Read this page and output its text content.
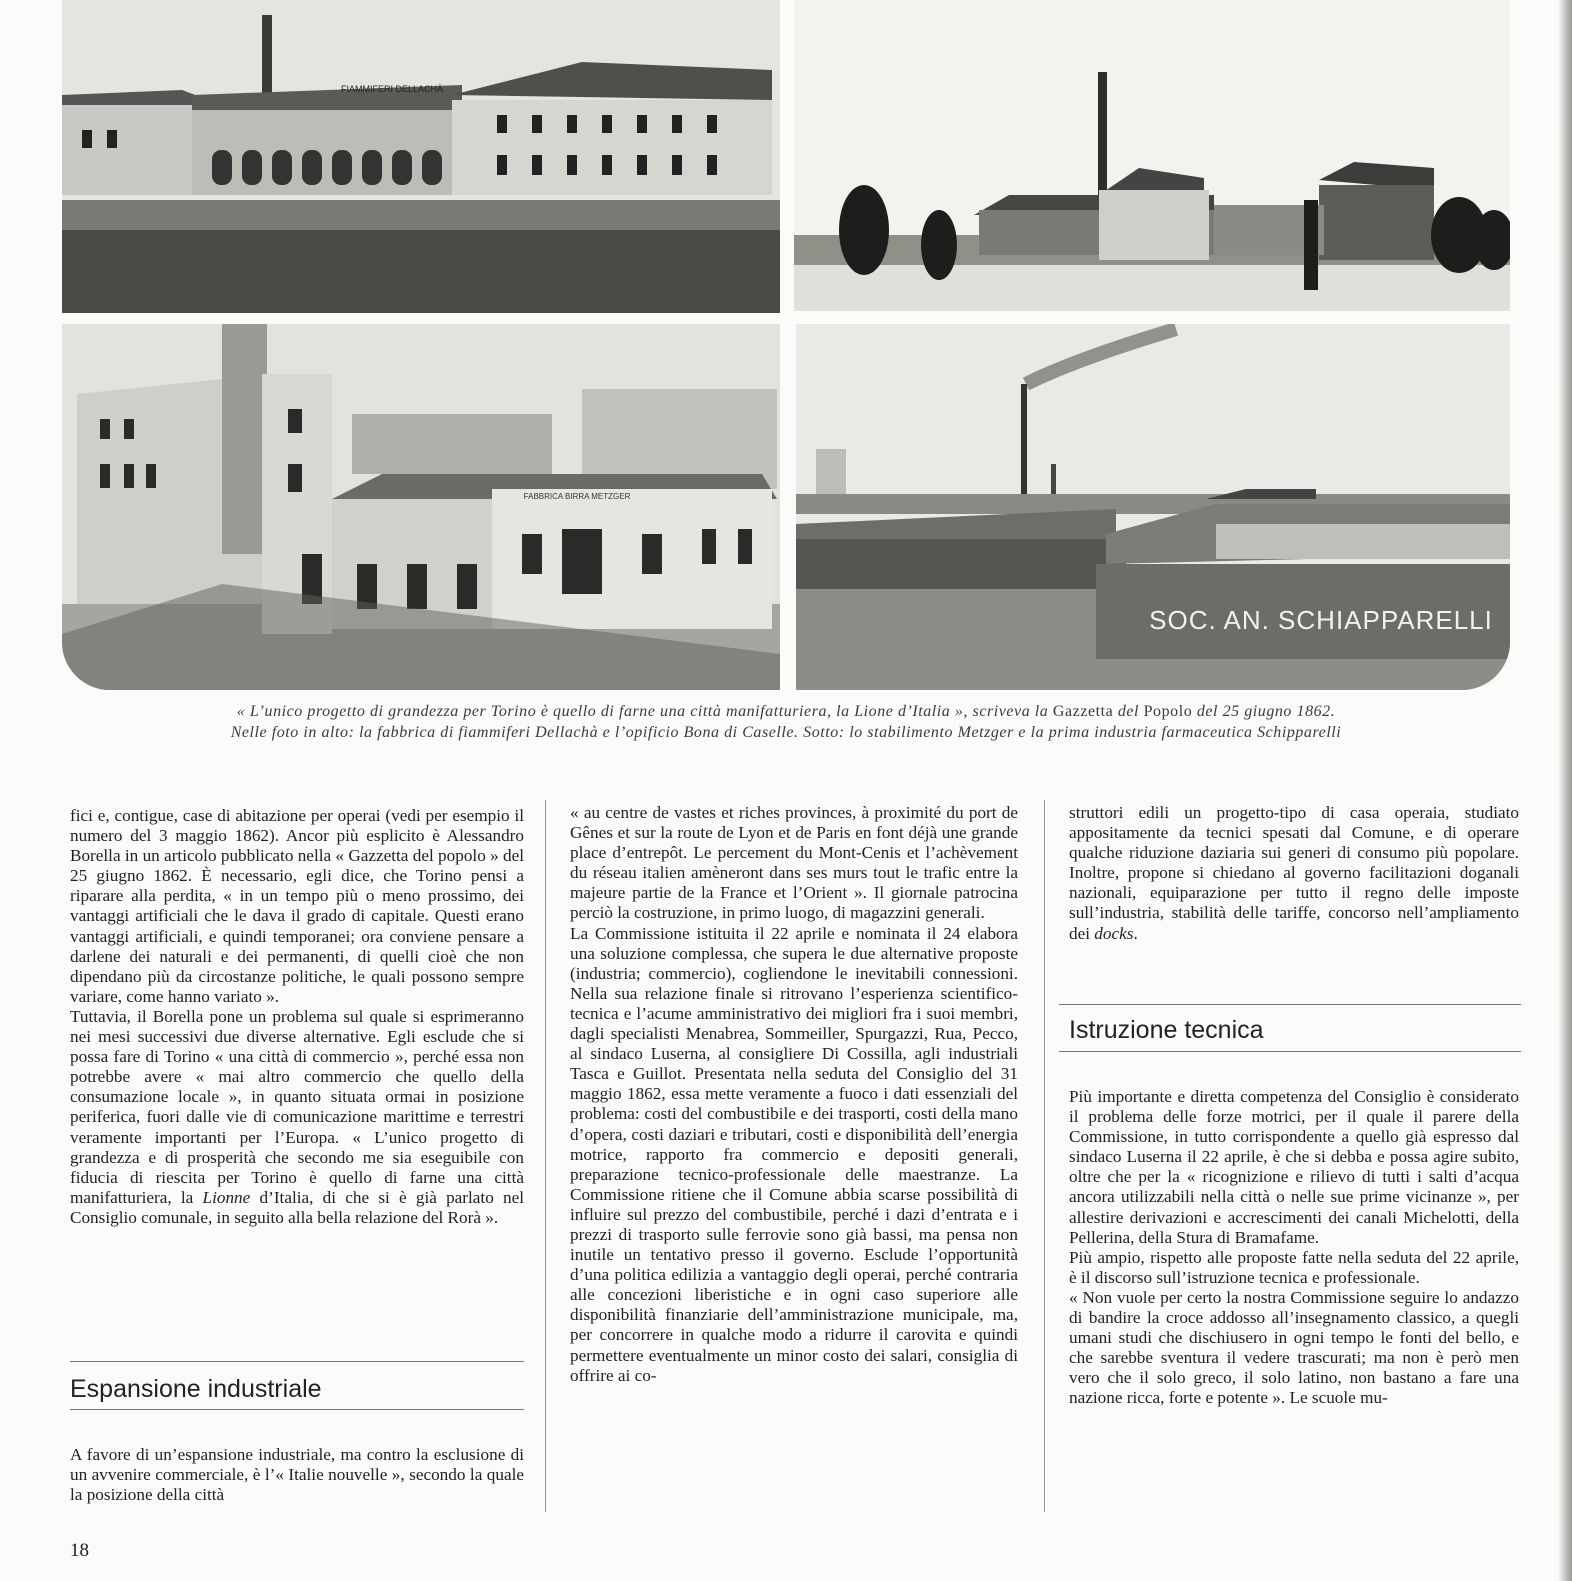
FIAMMIFERI DELLACHÀ
FABBRICA BIRRA METZGER
SOC. AN. SCHIAPPARELLI
« L’unico progetto di grandezza per Torino è quello di farne una città manifatturiera, la Lione d’Italia », scriveva la Gazzetta del Popolo del 25 giugno 1862.
Nelle foto in alto: la fabbrica di fiammiferi Dellachà e l’opificio Bona di Caselle. Sotto: lo stabilimento Metzger e la prima industria farmaceutica Schipparelli

fici e, contigue, case di abitazione per operai (vedi per esempio il numero del 3 maggio 1862). Ancor più esplicito è Alessandro Borella in un articolo pubblicato nella « Gazzetta del popolo » del 25 giugno 1862. È necessario, egli dice, che Torino pensi a riparare alla perdita, « in un tempo più o meno prossimo, dei vantaggi artificiali che le dava il grado di capitale. Questi erano vantaggi artificiali, e quindi temporanei; ora conviene pensare a darlene dei naturali e dei permanenti, di quelli cioè che non dipendano più da circostanze politiche, le quali possono sempre variare, come hanno variato ».

Tuttavia, il Borella pone un problema sul quale si esprimeranno nei mesi successivi due diverse alternative. Egli esclude che si possa fare di Torino « una città di commercio », perché essa non potrebbe avere « mai altro commercio che quello della consumazione locale », in quanto situata ormai in posizione periferica, fuori dalle vie di comunicazione marittime e terrestri veramente importanti per l’Europa. « L’unico progetto di grandezza e di prosperità che secondo me sia eseguibile con fiducia di riescita per Torino è quello di farne una città manifatturiera, la Lionne d’Italia, di che si è già parlato nel Consiglio comunale, in seguito alla bella relazione del Rorà ».

Espansione industriale

A favore di un’espansione industriale, ma contro la esclusione di un avvenire commerciale, è l’« Italie nouvelle », secondo la quale la posizione della città

« au centre de vastes et riches provinces, à proximité du port de Gênes et sur la route de Lyon et de Paris en font déjà une grande place d’entrepôt. Le percement du Mont-Cenis et l’achèvement du réseau italien amèneront dans ses murs tout le trafic entre la majeure partie de la France et l’Orient ». Il giornale patrocina perciò la costruzione, in primo luogo, di magazzini generali.

La Commissione istituita il 22 aprile e nominata il 24 elabora una soluzione complessa, che supera le due alternative proposte (industria; commercio), cogliendone le inevitabili connessioni. Nella sua relazione finale si ritrovano l’esperienza scientifico-tecnica e l’acume amministrativo dei migliori fra i suoi membri, dagli specialisti Menabrea, Sommeiller, Spurgazzi, Rua, Pecco, al sindaco Luserna, al consigliere Di Cossilla, agli industriali Tasca e Guillot. Presentata nella seduta del Consiglio del 31 maggio 1862, essa mette veramente a fuoco i dati essenziali del problema: costi del combustibile e dei trasporti, costi della mano d’opera, costi daziari e tributari, costi e disponibilità dell’energia motrice, rapporto fra commercio e depositi generali, preparazione tecnico-professionale delle maestranze. La Commissione ritiene che il Comune abbia scarse possibilità di influire sul prezzo del combustibile, perché i dazi d’entrata e i prezzi di trasporto sulle ferrovie sono già bassi, ma pensa non inutile un tentativo presso il governo. Esclude l’opportunità d’una politica edilizia a vantaggio degli operai, perché contraria alle concezioni liberistiche e in ogni caso superiore alle disponibilità finanziarie dell’amministrazione municipale, ma, per concorrere in qualche modo a ridurre il carovita e quindi permettere eventualmente un minor costo dei salari, consiglia di offrire ai co-

struttori edili un progetto-tipo di casa operaia, studiato appositamente da tecnici spesati dal Comune, e di operare qualche riduzione daziaria sui generi di consumo più popolare. Inoltre, propone si chiedano al governo facilitazioni doganali nazionali, equiparazione per tutto il regno delle imposte sull’industria, stabilità delle tariffe, concorso nell’ampliamento dei docks.

Istruzione tecnica

Più importante e diretta competenza del Consiglio è considerato il problema delle forze motrici, per il quale il parere della Commissione, in tutto corrispondente a quello già espresso dal sindaco Luserna il 22 aprile, è che si debba e possa agire subito, oltre che per la « ricognizione e rilievo di tutti i salti d’acqua ancora utilizzabili nella città o nelle sue prime vicinanze », per allestire derivazioni e accrescimenti dei canali Michelotti, della Pellerina, della Stura di Bramafame.

Più ampio, rispetto alle proposte fatte nella seduta del 22 aprile, è il discorso sull’istruzione tecnica e professionale.

« Non vuole per certo la nostra Commissione seguire lo andazzo di bandire la croce addosso all’insegnamento classico, a quegli umani studi che dischiusero in ogni tempo le fonti del bello, e che sarebbe sventura il vedere trascurati; ma non è però men vero che il solo greco, il solo latino, non bastano a fare una nazione ricca, forte e potente ». Le scuole mu-

18
